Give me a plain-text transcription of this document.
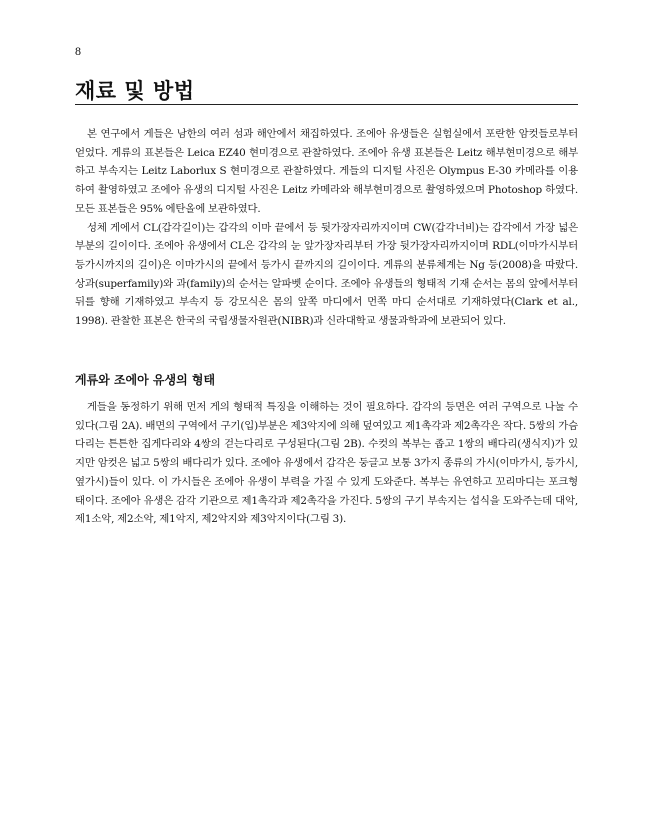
8
재료 및 방법

본 연구에서 게들은 남한의 여러 섬과 해안에서 채집하였다. 조에아 유생들은 실험실에서 포란한 암컷들로부터 얻었다. 게류의 표본들은 Leica EZ40 현미경으로 관찰하였다. 조에아 유생 표본들은 Leitz 해부현미경으로 해부하고 부속지는 Leitz Laborlux S 현미경으로 관찰하였다. 게들의 디지털 사진은 Olympus E-30 카메라를 이용하여 촬영하였고 조에아 유생의 디지털 사진은 Leitz 카메라와 해부현미경으로 촬영하였으며 Photoshop 하였다. 모든 표본들은 95% 에탄올에 보관하였다.

성체 게에서 CL(갑각길이)는 갑각의 이마 끝에서 등 뒷가장자리까지이며 CW(갑각너비)는 갑각에서 가장 넓은 부분의 길이이다. 조에아 유생에서 CL은 갑각의 눈 앞가장자리부터 가장 뒷가장자리까지이며 RDL(이마가시부터 등가시까지의 길이)은 이마가시의 끝에서 등가시 끝까지의 길이이다. 게류의 분류체계는 Ng 등(2008)을 따랐다. 상과(superfamily)와 과(family)의 순서는 알파벳 순이다. 조에아 유생들의 형태적 기재 순서는 몸의 앞에서부터 뒤를 향해 기재하였고 부속지 등 강모식은 몸의 앞쪽 마디에서 먼쪽 마디 순서대로 기재하였다(Clark et al., 1998). 관찰한 표본은 한국의 국립생물자원관(NIBR)과 신라대학교 생물과학과에 보관되어 있다.

게류와 조에아 유생의 형태

게들을 동정하기 위해 먼저 게의 형태적 특징을 이해하는 것이 필요하다. 갑각의 등면은 여러 구역으로 나눌 수 있다(그림 2A). 배면의 구역에서 구기(입)부분은 제3악지에 의해 덮여있고 제1촉각과 제2촉각은 작다. 5쌍의 가슴다리는 튼튼한 집게다리와 4쌍의 걷는다리로 구성된다(그림 2B). 수컷의 복부는 좁고 1쌍의 배다리(생식지)가 있지만 암컷은 넓고 5쌍의 배다리가 있다. 조에아 유생에서 갑각은 둥글고 보통 3가지 종류의 가시(이마가시, 등가시, 옆가시)들이 있다. 이 가시들은 조에아 유생이 부력을 가질 수 있게 도와준다. 복부는 유연하고 꼬리마디는 포크형태이다. 조에아 유생은 감각 기관으로 제1촉각과 제2촉각을 가진다. 5쌍의 구기 부속지는 섭식을 도와주는데 대악, 제1소악, 제2소악, 제1악지, 제2악지와 제3악지이다(그림 3).
